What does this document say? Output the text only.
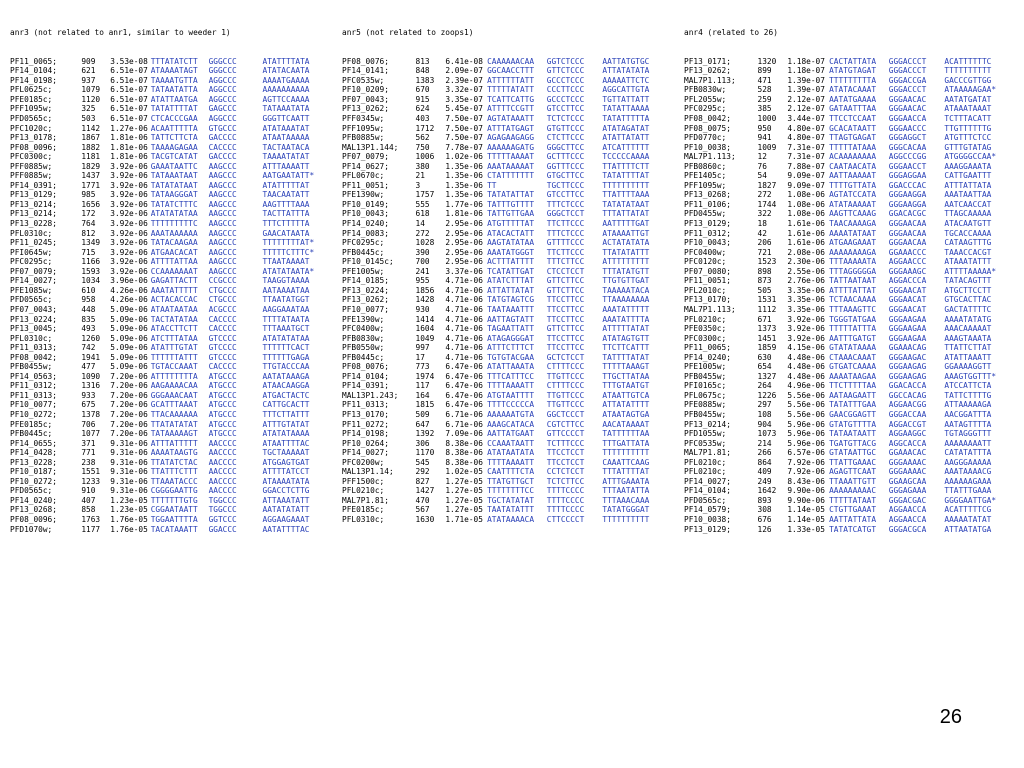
anr3 (not related to anr1, similar to weeder 1)

PF11_0065;	909	3.53e-08 TTTATATCTT	GGGCCC	ATATTTTATA
PF14_0104;	621	6.51e-07 ATAAAATAGT	GGGCCC	ATATACAATA
PF14_0198;	937	6.51e-07 TAAAATGTTA	AGGCCC	AAAATGAAAA
PFL0625c;	1079	6.51e-07 TATAATATTA	AGGCCC	AAAAAAAAAA
PFE0185c;	1120	6.51e-07 ATATTAATGA	AGGCCC	AGTTCCAAAA
PFF1095w;	325	6.51e-07 TATATTTTAT	GAGCCC	TATAAATATA
PFD0565c;	503	6.51e-07 CTCACCCGAA	AGGCCC	GGGTTCAATT
PFC1020c;	1142	1.27e-06 ACAATTTTTA	GTGCCC	ATATAAATAT
PF13_0178;	1867	1.81e-06 TATTCTTCTA	GACCCC	ATAATAAAAA
PF08_0096;	1882	1.81e-06 TAAAAGAGAA	CACCCC	TACTAATACA
PFC0300c;	1181	1.81e-06 TACGTCATAT	GACCCC	TAAAATATAT
PFF0885w;	1829	3.92e-06 GAAATAATTC	AAGCCC	ATTTAAAATT
PFF0885w;	1437	3.92e-06 TATAAATAAT	AAGCCC	AATGAATATT*
PF14_0391;	1771	3.92e-06 TATATATAAT	AAGCCC	ATATTTTTAT
PF13_0129;	985	3.92e-06 TATAAGGGAT	AAGCCC	TAACAATATT
PF13_0214;	1656	3.92e-06 TATATCTTTC	AAGCCC	AAGTTTTAAA
PF13_0214;	172	3.92e-06 ATATATATAA	AAGCCC	TACTTATTTA
PF13_0228;	764	3.92e-06 TTTTTTTTTC	AAGCCC	TTTCTTTTTA
PFL0310c;	812	3.92e-06 AAATAAAAAA	AAGCCC	GAACATAATA
PF11_0245;	1349	3.92e-06 TATACAAGAA	AAGCCC	TTTTTTTTAT*
PFI0645w;	715	3.92e-06 ATGAACACAT	AAGCCC	TTTTTCTTTC*
PFC0295c;	1166	3.92e-06 ATTTTATTAA	AAGCCC	TTAATAAAAT
PF07_0079;	1593	3.92e-06 CCAAAAAAAT	AAGCCC	ATATATAATA*
PF14_0027;	1034	3.96e-06 GAGATTACTT	CCGCCC	TAAGGTAAAA
PFE1085w;	610	4.26e-06 AAATATTTTT	CTGCCC	AATAAAATAA
PFD0565c;	958	4.26e-06 ACTACACCAC	CTGCCC	TTAATATGGT
PF07_0043;	448	5.09e-06 ATAATAATAA	ACGCCC	AAGGAAATAA
PF13_0224;	835	5.09e-06 TACTATATAA	CACCCC	TTTTATAATA
PF13_0045;	493	5.09e-06 ATACCTTCTT	CACCCC	TTTAAATGCT
PFL0310c;	1260	5.09e-06 ATCTTTATAA	GTCCCC	ATATATATAA
PF11_0313;	742	5.09e-06 ATATTTGTAT	GTCCCC	TTTTTTCACT
PF08_0042;	1941	5.09e-06 TTTTTTATTT	GTCCCC	TTTTTTGAGA
PFB0455w;	477	5.09e-06 TGTACCAAAT	CACCCC	TTGTACCCAA
PF14_0563;	1090	7.20e-06 ATTTTTTTTA	ATGCCC	AATATAAAGA
PF11_0312;	1316	7.20e-06 AAGAAAACAA	ATGCCC	ATAACAAGGA
PF11_0313;	933	7.20e-06 GGGAAACAAT	ATGCCC	ATGACTACTC
PF10_0077;	675	7.20e-06 GCATTTAAAT	ATGCCC	CATTGCACTT
PF10_0272;	1378	7.20e-06 TTACAAAAAA	ATGCCC	TTTCTTATTT
PFE0185c;	706	7.20e-06 TTATATATAT	ATGCCC	ATTTGTATAT
PFB0445c;	1077	7.20e-06 TATAAAAAGT	ATGCCC	ATATATAAAA
PF14_0655;	371	9.31e-06 ATTTATTTTT	AACCCC	ATAATTTTAC
PF14_0428;	771	9.31e-06 AAAATAAGTG	AACCCC	TGCTAAAAAT
PF13_0228;	238	9.31e-06 TTATATCTAC	AACCCC	ATGGAGTGAT
PF10_0187;	1551	9.31e-06 TTATTTCTTT	AACCCC	ATTTTATCCT
PF10_0272;	1233	9.31e-06 TTAAATACCC	AACCCC	ATAAAATATA
PFD0565c;	910	9.31e-06 CGGGGAATTG	AACCCC	GGACCTCTTG
PF14_0240;	407	1.23e-05 TTTTTTTGTG	TGGCCC	ATTAAATATT
PF13_0268;	858	1.23e-05 CGGAATAATT	TGGCCC	AATATATATT
PF08_0096;	1763	1.76e-05 TGGAATTTTA	GGTCCC	AGGAAGAAAT
PFD1070w;	1177	1.76e-05 TACATAAATT	GGACCC	AATATTTTAC

anr5 (not related to zoops1)

PF08_0076;	813	6.41e-08 CAAAAAACAA	GGTCTCCC	AATTATGTGC
PF14_0141;	848	2.09e-07 GGCAACCTTT	GTTCTCCC	ATTATATATA
PFC0535w;	1383	2.39e-07 ATTTTTTATT	GCCCTCCC	AAAAATTCTC
PF10_0209;	670	3.32e-07 TTTTTATATT	CCCTTCCC	AGGCATTGTA
PF07_0043;	915	3.35e-07 TCATTCATTG	GCCCTCCC	TGTTATTATT
PF13_0262;	624	5.45e-07 ATTTTCCGTT	GTCCTTCC	TATATTAAAA
PFF0345w;	403	7.50e-07 AGTATAAATT	TCTCTCCC	TATATTTTTA
PFF1095w;	1712	7.50e-07 ATTTATGAGT	GTGTTCCC	ATATAGATAT
PFB0885w;	562	7.50e-07 AGAGAAGAGG	CTCTTCCC	ATATTATATT
MAL13P1.144;	750	7.78e-07 AAAAAAGATG	GGGCTTCC	ATCATTTTTT
PF07_0079;	1006	1.02e-06 TTTTTAAAAT	GCTTTCCC	TCCCCCAAAA
PF14_0627;	380	1.35e-06 AAATAAAAAT	GGTTTCCC	TTATTTTCTT
PFL0670c;	21	1.35e-06 CTATTTTTTT	GTGCTTCC	TATATTTTAT
PF11_0051;	3	1.35e-06 TT	TGCTTCCC	TTTTTTTTTT
PFE1390w;	1757	1.35e-06 TATATATTAT	GTCCTTCC	TTATTTTAAA
PF10_0149;	555	1.77e-06 TATTTGTTTT	TTTCTCCC	TATATATAAT
PF10_0043;	618	1.81e-06 TATTGTTGAA	GGGCTCCT	TTTATTATAT
PF14_0240;	14	2.95e-06 ATGTTTTTAT	TTCTTCCC	AATTTTTGAT
PF14_0083;	272	2.95e-06 ATACACTATT	TTTCTCCC	ATAAAATTGT
PFC0295c;	1028	2.95e-06 AAGTATATAA	GTTTTCCC	ACTATATATA
PFB0445c;	390	2.95e-06 AAATATGGGT	TTCTTCCC	TTATATATTT
PF10_0145c;	700	2.95e-06 ACTTTATTTT	TTTCTTCC	ATTTTTTTTT
PFE1005w;	241	3.37e-06 TCATATTGAT	CTCCTCCT	TTTATATGTT
PF14_0185;	955	4.71e-06 ATATCTTTAT	GTTCTTCC	TTGTGTTGAT
PF13_0224;	1856	4.71e-06 ATTATTATAT	GTTCTTCC	TAAAAATACA
PF13_0262;	1428	4.71e-06 TATGTAGTCG	TTCCTTCC	TTAAAAAAAA
PF10_0077;	930	4.71e-06 TAATAAATTT	TTCCTTCC	AAATATTTTT
PFE1390w;	1414	4.71e-06 AATTAGTATT	TTCCTTCC	AAATATTTTA
PFC0400w;	1604	4.71e-06 TAGAATTATT	GTTCTTCC	ATTTTTATAT
PFB0830w;	1049	4.71e-06 ATAGAGGGAT	TTCCTTCC	ATATAGTGTT
PFB0550w;	997	4.71e-06 ATTTCTTTCT	TTCCTTCC	TTCTTCATTT
PFB0445c;	17	4.71e-06 TGTGTACGAA	GCTCTCCT	TATTTTATAT
PF08_0076;	773	6.47e-06 ATATTAAATA	CTTTTCCC	TTTTTAAAGT
PF14_0104;	1974	6.47e-06 TTTCATTTCC	TTGTTCCC	TTGCTTATAA
PF14_0391;	117	6.47e-06 TTTTAAAATT	CTTTTCCC	TTTGTAATGT
MAL13P1.243;	164	6.47e-06 ATGTAATTTT	TTGTTCCC	ATAATTGTCA
PF11_0313;	1815	6.47e-06 TTTTCCCCCA	TTGTTCCC	ATTATATTTT
PF13_0170;	509	6.71e-06 AAAAAATGTA	GGCTCCCT	ATAATAGTGA
PF11_0272;	647	6.71e-06 AAAGCATACA	CGTCTTCC	AACATAAAAT
PF14_0198;	1392	7.09e-06 AATTATGAAT	GTTCCCCT	TATTTTTTAA
PF10_0264;	306	8.38e-06 CCAAATAATT	TCTTTCCC	TTTGATTATA
PF14_0027;	1170	8.38e-06 ATATAATATA	TTCCTCCT	TTTTTTTTTT
PFC0200w;	545	8.38e-06 TTTTAAAATT	TTCCTCCT	CAAATTCAAG
MAL13P1.14;	292	1.02e-05 CAATTTTCTA	CCTCTCCT	TTTATTTTAT
PFF1500c;	827	1.27e-05 TTATGTTGCT	TCTCTTCC	ATTTGAAATA
PFL0210c;	1427	1.27e-05 TTTTTTTTCC	TTTTCCCC	TTTAATATTA
MAL7P1.81;	470	1.27e-05 TGCTATATAT	TTTTCCCC	TTTAAACAAA
PFE0185c;	567	1.27e-05 TAATATATTT	TTTTCCCC	TATATGGGAT
PFL0310c;	1630	1.71e-05 ATATAAAACA	CTTCCCCT	TTTTTTTTTT

anr4 (related to 26)

PF13_0171;	1320	1.18e-07 CACTATTATA	GGGACCCT	ACATTTTTTC
PF13_0262;	899	1.18e-07 ATATGTAGAT	GGGACCCT	TTTTTTTTTT
MAL7P1.113;	471	1.39e-07 TTTTTTTTTA	GGGACCGA	GACCCGTTGG
PFB0830w;	528	1.39e-07 ATATACAAAT	GGGACCCT	ATAAAAAGAA*
PFL2055w;	259	2.12e-07 AATATGAAAA	GGGAACAC	AATATGATAT
PFC0295c;	385	2.12e-07 GATAATTTAA	GGGAACAC	ATAAATAAAT
PF08_0042;	1000	3.44e-07 TTCCTCCAAT	GGGAACCA	TCTTTACATT
PF08_0075;	950	4.80e-07 GCACATAATT	GGGAACCC	TTGTTTTTTG
PFD0770c;	941	4.80e-07 TTAGTGAGAT	GGGAGGCT	ATGTTTCTCC
PF10_0038;	1009	7.31e-07 TTTTTATAAA	GGGCACAA	GTTTGTATAG
MAL7P1.113;	12	7.31e-07 ACAAAAAAAA	AGGCCCGG	ATGGGGCCAA*
PFB0860c;	76	7.88e-07 CAATAACATA	GGGAACCT	AAAGGAAATA
PFE1405c;	54	9.09e-07 AATTAAAAAT	GGGAGGAA	CATTGAATTT
PFF1095w;	1827	9.09e-07 TTTTGTTATA	GGACCCAC	ATTTATTATA
PF13_0268;	272	1.08e-06 AGTATCCATA	GGGAAGGA	AAATAATTAA
PF11_0106;	1744	1.08e-06 ATATAAAAAT	GGGAAGGA	AATCAACCAT
PFD0455w;	322	1.08e-06 AAGTTCAAAG	GGACACGC	TTAGCAAAAA
PF13_0129;	18	1.61e-06 TAACAAAAGA	GGGAACAA	ATACAATGTT
PF11_0312;	42	1.61e-06 AAAATATAAT	GGGAACAA	TGCACCAAAA
PF10_0043;	206	1.61e-06 ATGAAGAAAT	GGGAACAA	CATAAGTTTG
PFC0400w;	721	2.08e-06 AAAAAAAAGA	GGAAACCC	TAAACCACGT
PFC0120c;	1523	2.30e-06 TTTAAAAATA	AGGAACCC	ATAAATATTT
PF07_0080;	898	2.55e-06 TTTAGGGGGA	GGGAAAGC	ATTTTAAAAA*
PF11_0051;	873	2.76e-06 TATTAATAAT	AGGACCCA	TATACAGTTT
PFL2010c;	505	3.35e-06 ATTTTATTAT	GGGAACAT	ATGCTTCCTT
PF13_0170;	1531	3.35e-06 TCTAACAAAA	GGGAACAT	GTGCACTTAC
MAL7P1.113;	1112	3.35e-06 TTTAAAGTTC	GGGAACAT	GACTATTTTC
PFL0210c;	671	3.92e-06 TGGGTATGAA	GGGAAGAA	AAAATATATG
PFE0350c;	1373	3.92e-06 TTTTTATTTA	GGGAAGAA	AAACAAAAAT
PFC0300c;	1451	3.92e-06 AATTTGATGT	GGGAAGAA	AAAGTAAATA
PF11_0065;	1859	4.15e-06 GTATATAAAA	GGAAACAG	TTATTCTTAT
PF14_0240;	630	4.48e-06 CTAAACAAAT	GGGAAGAC	ATATTAAATT
PFE1005w;	654	4.48e-06 GTGATCAAAA	GGGAAGAG	GGAAAAGGTT
PFB0455w;	1327	4.48e-06 AAAATAAGAA	GGGAAGAG	AAAGTGGTTT*
PFI0165c;	264	4.96e-06 TTCTTTTTAA	GGACACCA	ATCCATTCTA
PFL0675c;	1226	5.56e-06 AATAAGAATT	GGCCACAG	TATTCTTTTG
PFE0885w;	297	5.56e-06 TATATTTGAA	AGGAACGG	ATTAAAAAGA
PFB0455w;	108	5.56e-06 GAACGGAGTT	GGGACCAA	AACGGATTTA
PF13_0214;	904	5.96e-06 GTATGTTTTA	AGGACCGT	AATAGTTTTA
PFD1055w;	1073	5.96e-06 TATAATAATT	AGGAAGGC	TGTAGGGTTT
PFC0535w;	214	5.96e-06 TGATGTTACG	AGGCACCA	AAAAAAAATT
MAL7P1.81;	266	6.57e-06 GTATAATTGC	GGAAACAC	CATATATTTA
PFL0210c;	864	7.92e-06 TTATTGAAAC	GGGAAAAC	AAGGGAAAAA
PFL0210c;	409	7.92e-06 AGAGTTCAAT	GGGAAAAC	AAATAAAACG
PF14_0027;	249	8.43e-06 TTAAATTGTT	GGAAGCAA	AAAAAAGAAA
PF14_0104;	1642	9.90e-06 AAAAAAAAAC	GGGAGAAA	TTATTTGAAA
PFD0565c;	893	9.90e-06 TTTTTATAAT	GGGACGAC	GGGGAATTGA*
PF14_0579;	308	1.14e-05 CTGTTGAAAT	AGGAACCA	ACATTTTTCG
PF10_0038;	676	1.14e-05 AATTATTATA	AGGAACCA	AAAAATATAT
PF13_0129;	126	1.33e-05 TATATCATGT	GGGACGCA	ATTAATATGA

26
